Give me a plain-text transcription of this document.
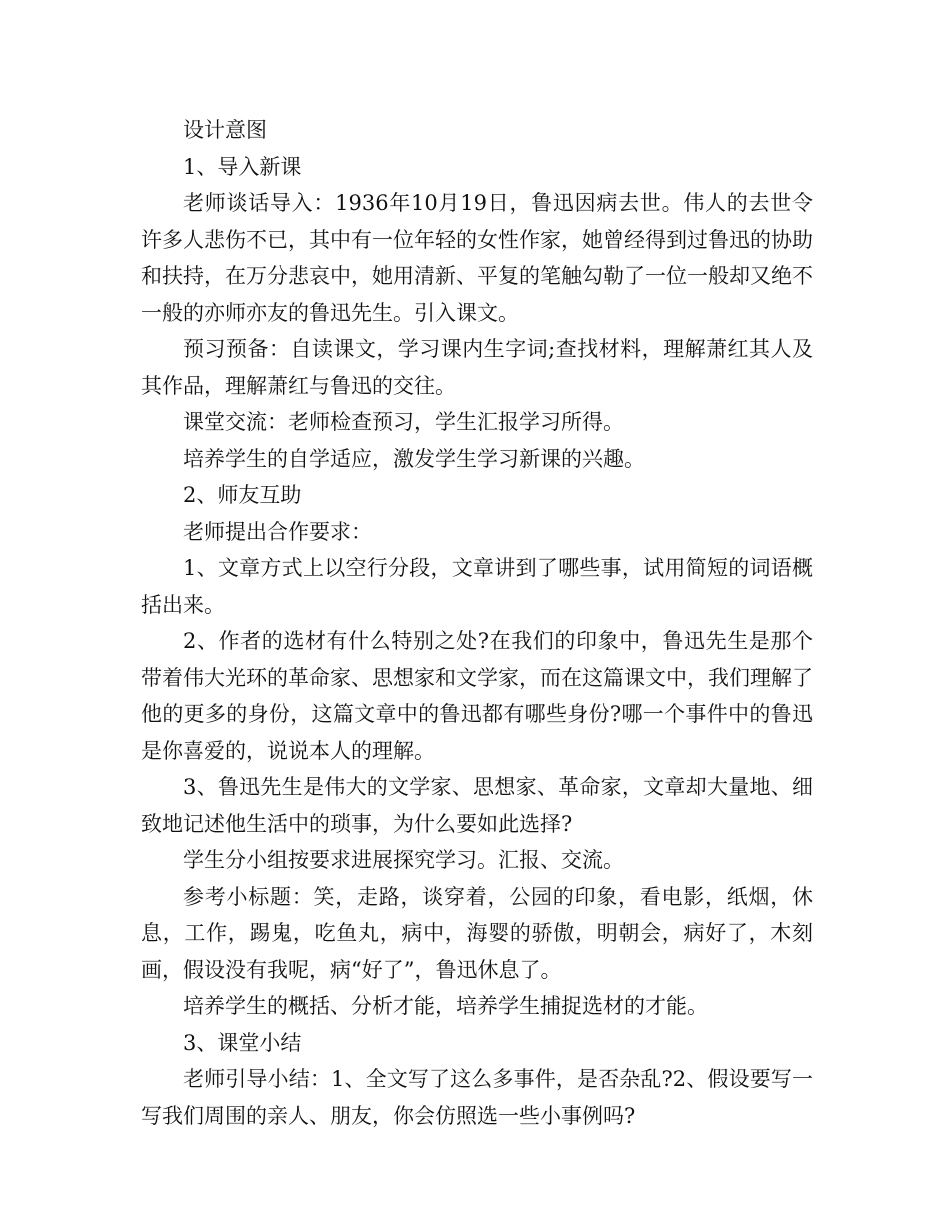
设计意图

1、导入新课

老师谈话导入：1936年10月19日，鲁迅因病去世。伟人的去世令许多人悲伤不已，其中有一位年轻的女性作家，她曾经得到过鲁迅的协助和扶持，在万分悲哀中，她用清新、平复的笔触勾勒了一位一般却又绝不一般的亦师亦友的鲁迅先生。引入课文。

预习预备：自读课文，学习课内生字词;查找材料，理解萧红其人及其作品，理解萧红与鲁迅的交往。

课堂交流：老师检查预习，学生汇报学习所得。

培养学生的自学适应，激发学生学习新课的兴趣。

2、师友互助

老师提出合作要求：

1、文章方式上以空行分段，文章讲到了哪些事，试用简短的词语概括出来。

2、作者的选材有什么特别之处?在我们的印象中，鲁迅先生是那个带着伟大光环的革命家、思想家和文学家，而在这篇课文中，我们理解了他的更多的身份，这篇文章中的鲁迅都有哪些身份?哪一个事件中的鲁迅是你喜爱的，说说本人的理解。

3、鲁迅先生是伟大的文学家、思想家、革命家，文章却大量地、细致地记述他生活中的琐事，为什么要如此选择?

学生分小组按要求进展探究学习。汇报、交流。

参考小标题：笑，走路，谈穿着，公园的印象，看电影，纸烟，休息，工作，踢鬼，吃鱼丸，病中，海婴的骄傲，明朝会，病好了，木刻画，假设没有我呢，病“好了”，鲁迅休息了。

培养学生的概括、分析才能，培养学生捕捉选材的才能。

3、课堂小结

老师引导小结：1、全文写了这么多事件，是否杂乱?2、假设要写一写我们周围的亲人、朋友，你会仿照选一些小事例吗?
